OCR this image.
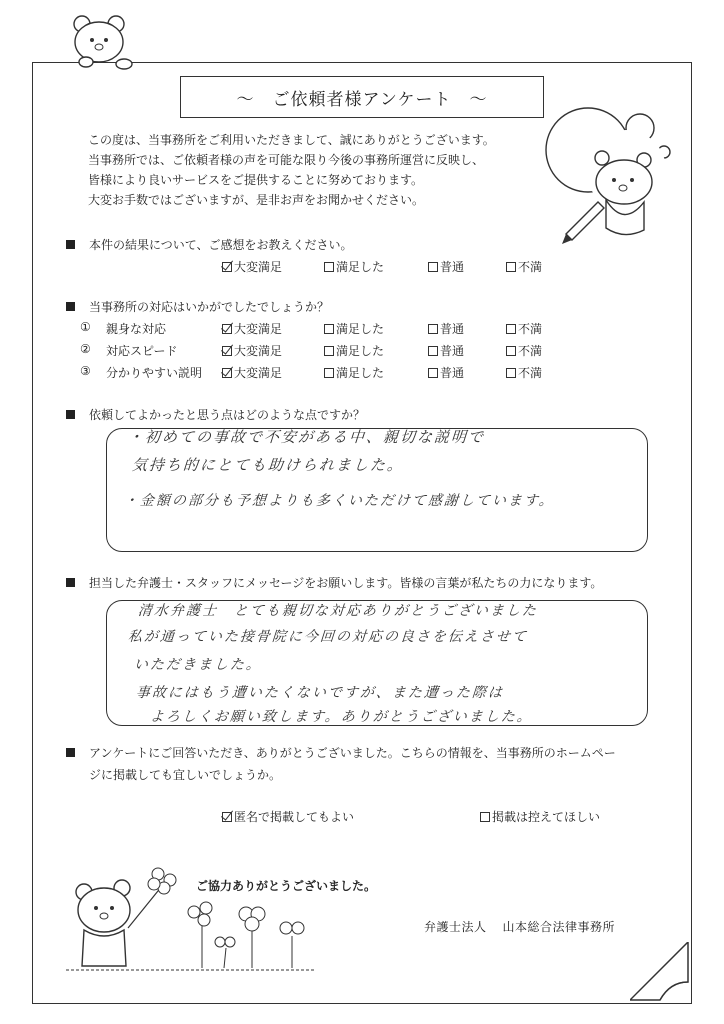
～　ご依頼者様アンケート　～

この度は、当事務所をご利用いただきまして、誠にありがとうございます。

当事務所では、ご依頼者様の声を可能な限り今後の事務所運営に反映し、

皆様により良いサービスをご提供することに努めております。

大変お手数ではございますが、是非お声をお聞かせください。

本件の結果について、ご感想をお教えください。
大変満足	満足した	普通	不満
当事務所の対応はいかがでしたでしょうか？
① 親身な対応	大変満足	満足した	普通	不満
② 対応スピード	大変満足	満足した	普通	不満
③ 分かりやすい説明	大変満足	満足した	普通	不満
依頼してよかったと思う点はどのような点ですか？
・初めての事故で不安がある中、親切な説明で
気持ち的にとても助けられました。
・金額の部分も予想よりも多くいただけて感謝しています。
担当した弁護士・スタッフにメッセージをお願いします。皆様の言葉が私たちの力になります。
清水弁護士　とても親切な対応ありがとうございました
私が通っていた接骨院に今回の対応の良さを伝えさせて
いただきました。
事故にはもう遭いたくないですが、また遭った際は
よろしくお願い致します。ありがとうございました。
アンケートにご回答いただき、ありがとうございました。こちらの情報を、当事務所のホームペー
ジに掲載しても宜しいでしょうか。
匿名で掲載してもよい	掲載は控えてほしい
ご協力ありがとうございました。
弁護士法人 山本総合法律事務所
